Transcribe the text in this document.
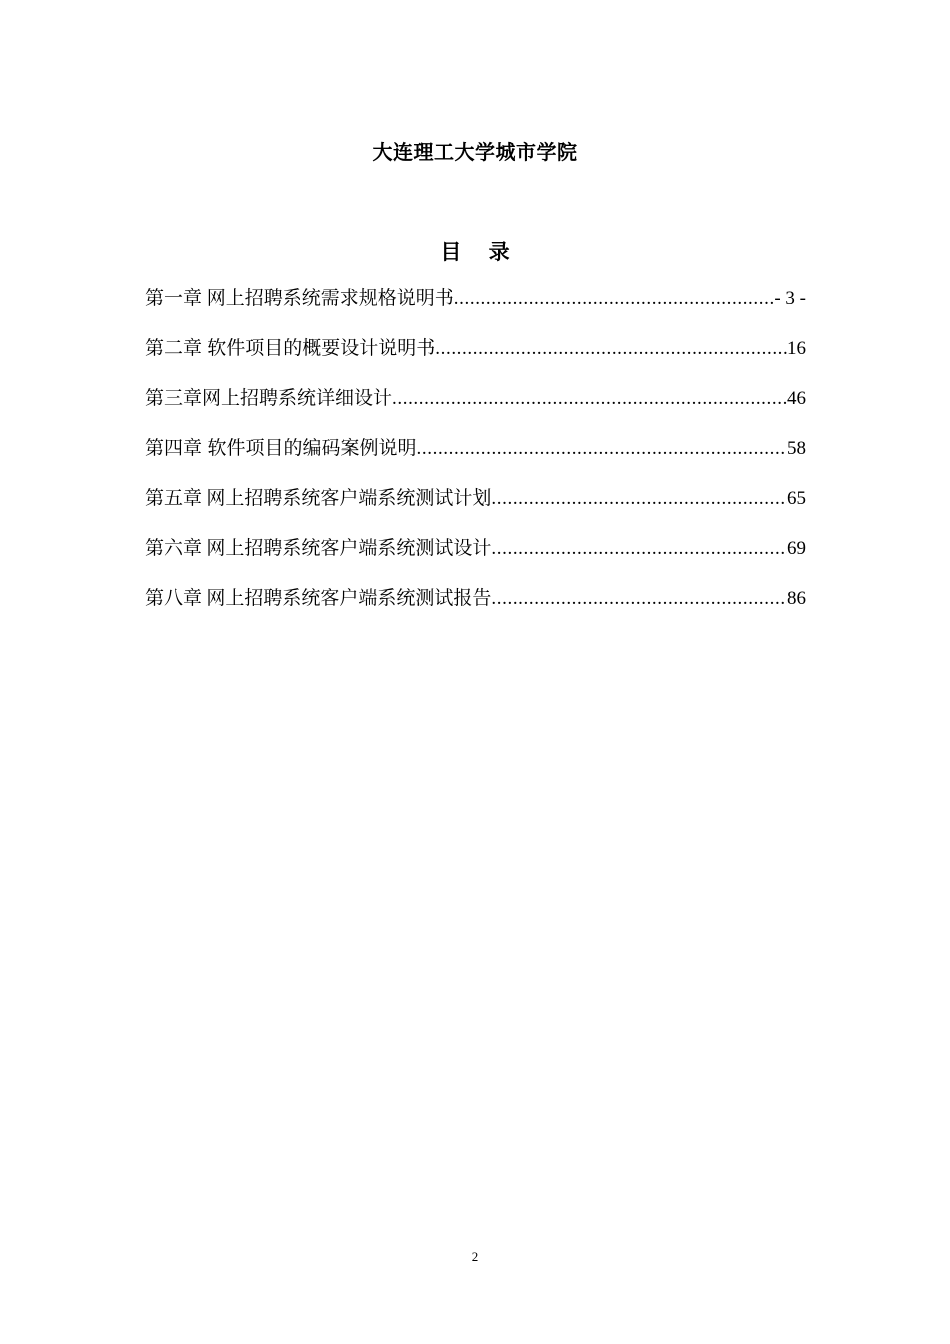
大连理工大学城市学院
目 录
第一章 网上招聘系统需求规格说明书 .....	- 3 -
第二章 软件项目的概要设计说明书 .....	16
第三章 网上招聘系统详细设计 .....	46
第四章 软件项目的编码案例说明 .....	58
第五章 网上招聘系统客户端系统测试计划 .....	65
第六章 网上招聘系统客户端系统测试设计 .....	69
第八章 网上招聘系统客户端系统测试报告 .....	86
2
